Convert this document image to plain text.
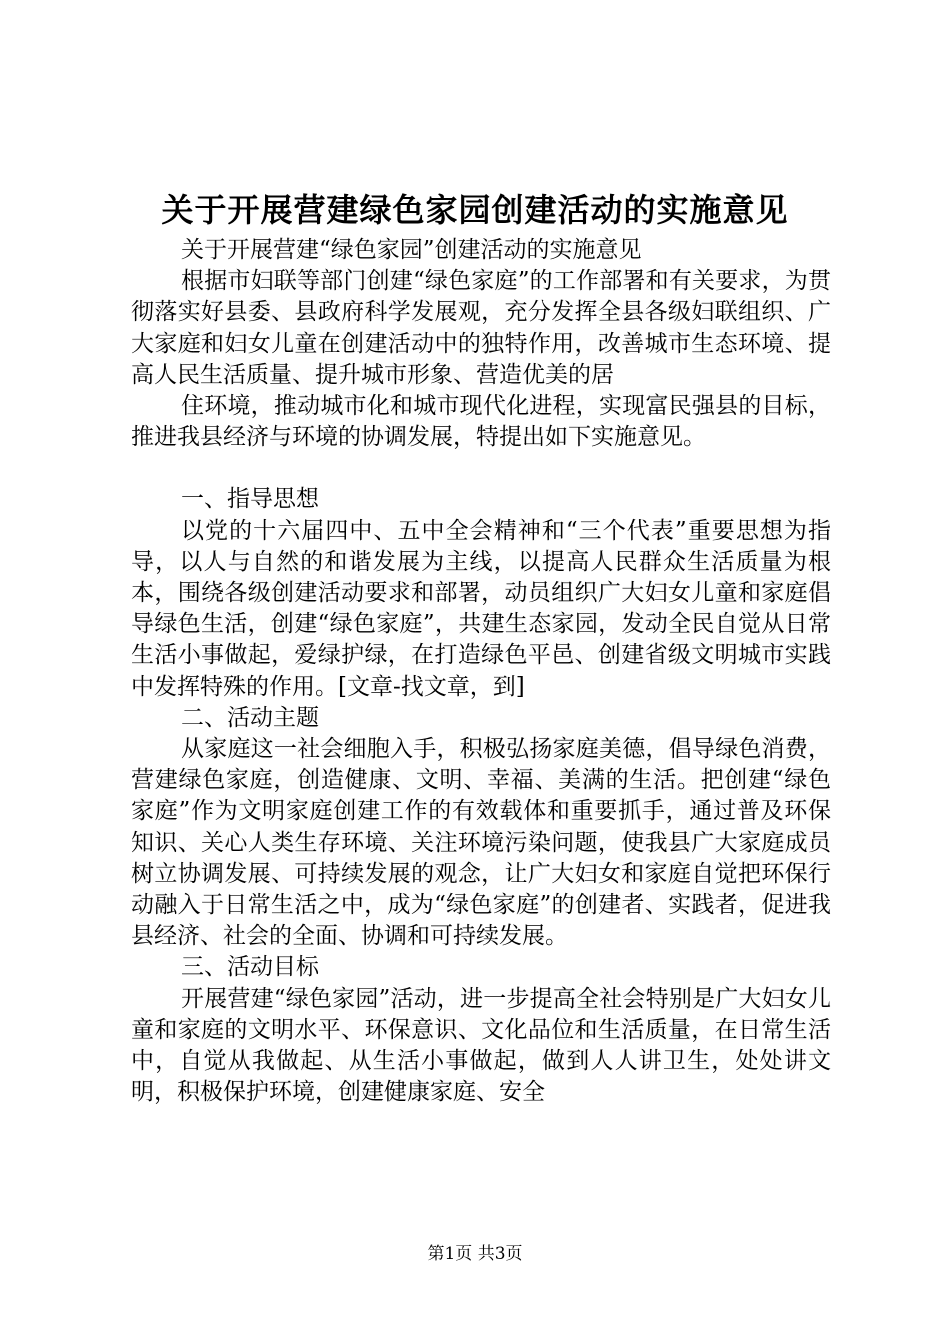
关于开展营建绿色家园创建活动的实施意见

关于开展营建“绿色家园”创建活动的实施意见

根据市妇联等部门创建“绿色家庭”的工作部署和有关要求，为贯彻落实好县委、县政府科学发展观，充分发挥全县各级妇联组织、广大家庭和妇女儿童在创建活动中的独特作用，改善城市生态环境、提高人民生活质量、提升城市形象、营造优美的居

住环境，推动城市化和城市现代化进程，实现富民强县的目标，推进我县经济与环境的协调发展，特提出如下实施意见。

一、指导思想

以党的十六届四中、五中全会精神和“三个代表”重要思想为指导，以人与自然的和谐发展为主线，以提高人民群众生活质量为根本，围绕各级创建活动要求和部署，动员组织广大妇女儿童和家庭倡导绿色生活，创建“绿色家庭”，共建生态家园，发动全民自觉从日常生活小事做起，爱绿护绿，在打造绿色平邑、创建省级文明城市实践中发挥特殊的作用。[文章-找文章，到]

二、活动主题

从家庭这一社会细胞入手，积极弘扬家庭美德，倡导绿色消费，营建绿色家庭，创造健康、文明、幸福、美满的生活。把创建“绿色家庭”作为文明家庭创建工作的有效载体和重要抓手，通过普及环保知识、关心人类生存环境、关注环境污染问题，使我县广大家庭成员树立协调发展、可持续发展的观念，让广大妇女和家庭自觉把环保行动融入于日常生活之中，成为“绿色家庭”的创建者、实践者，促进我县经济、社会的全面、协调和可持续发展。

三、活动目标

开展营建“绿色家园”活动，进一步提高全社会特别是广大妇女儿童和家庭的文明水平、环保意识、文化品位和生活质量，在日常生活中，自觉从我做起、从生活小事做起，做到人人讲卫生，处处讲文明，积极保护环境，创建健康家庭、安全

第1页 共3页
